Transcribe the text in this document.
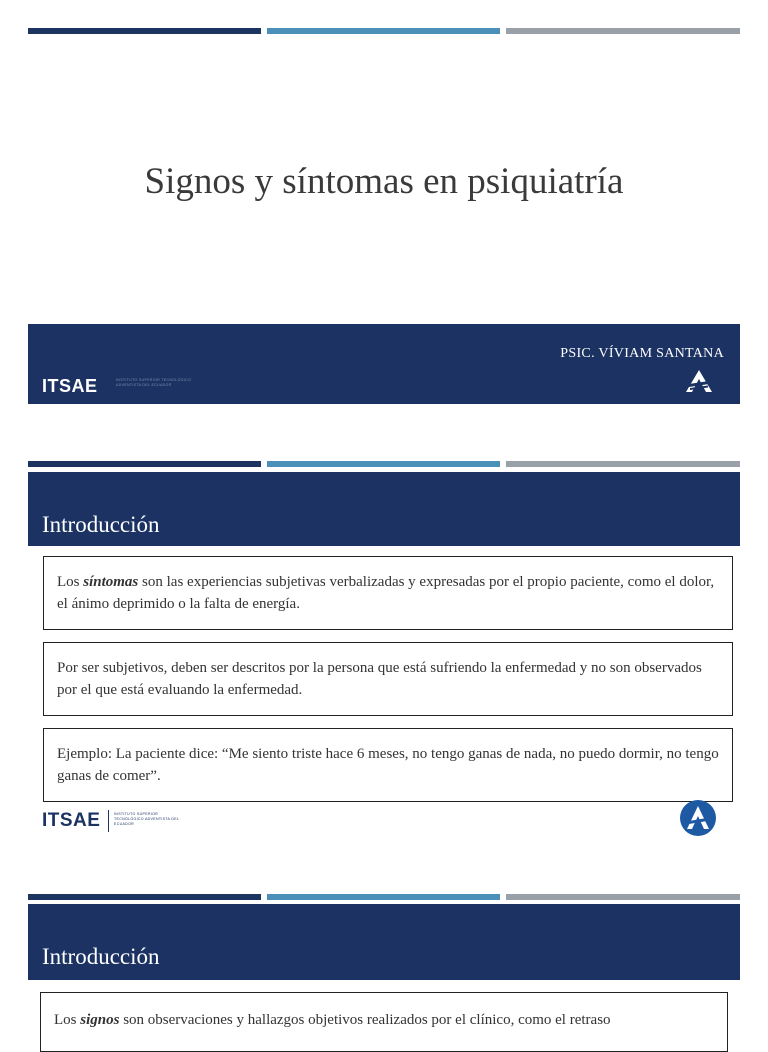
Signos y síntomas en psiquiatría
PSIC. VÍVIAM SANTANA
ITSAE	INSTITUTO SUPERIOR TECNOLÓGICO ADVENTISTA DEL ECUADOR
Introducción
Los síntomas son las experiencias subjetivas verbalizadas y expresadas por el propio paciente, como el dolor, el ánimo deprimido o la falta de energía.
Por ser subjetivos, deben ser descritos por la persona que está sufriendo la enfermedad y no son observados por el que está evaluando la enfermedad.
Ejemplo: La paciente dice: “Me siento triste hace 6 meses, no tengo ganas de nada, no puedo dormir, no tengo ganas de comer”.
ITSAE	INSTITUTO SUPERIOR TECNOLÓGICO ADVENTISTA DEL ECUADOR
Introducción
Los signos son observaciones y hallazgos objetivos realizados por el clínico, como el retraso
